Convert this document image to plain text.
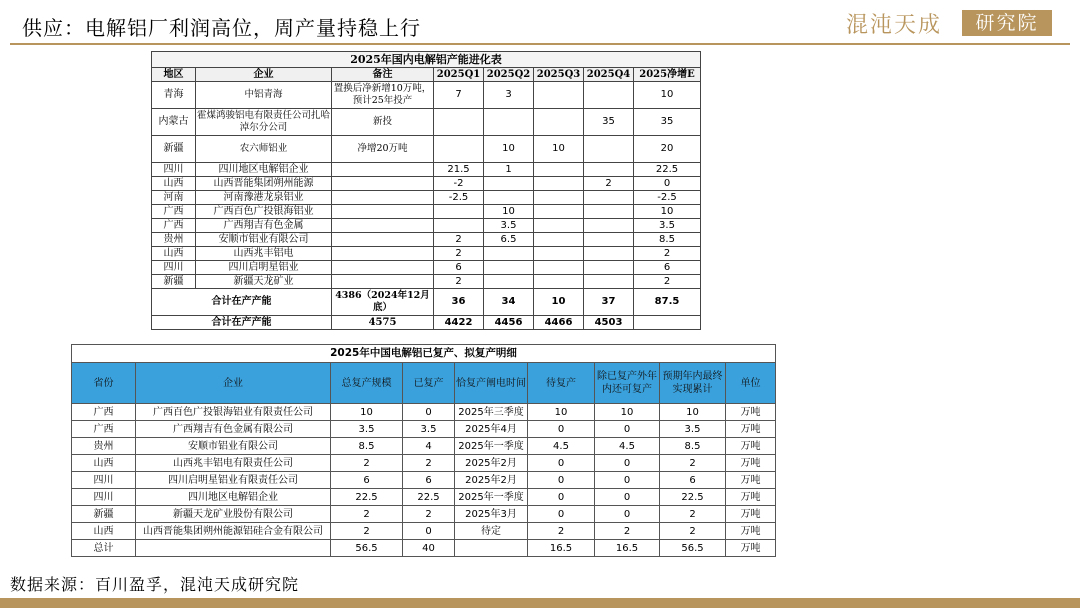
供应：电解铝厂利润高位，周产量持稳上行	混沌天成	研究院
2025年国内电解铝产能进化表							
地区	企业	备注	2025Q1	2025Q2	2025Q3	2025Q4	2025净增E
青海	中铝青海	置换后净新增10万吨，预计25年投产	7	3			10
内蒙古	霍煤鸿骏铝电有限责任公司扎哈淖尔分公司	新投				35	35
新疆	农六师铝业	净增20万吨		10	10		20
四川	四川地区电解铝企业		21.5	1			22.5
山西	山西晋能集团朔州能源		-2			2	0
河南	河南豫港龙泉铝业		-2.5				-2.5
广西	广西百色广投银海铝业			10			10
广西	广西翔吉有色金属			3.5			3.5
贵州	安顺市铝业有限公司		2	6.5			8.5
山西	山西兆丰铝电		2				2
四川	四川启明星铝业		6				6
新疆	新疆天龙矿业		2				2
合计在产产能		4386（2024年12月底）	36	34	10	37	87.5
合计在产产能		4575	4422	4456	4466	4503	
2025年中国电解铝已复产、拟复产明细								
省份	企业	总复产规模	已复产	恰复产阐电时间	待复产	除已复产外年内还可复产	预期年内最终实现累计	单位
广西	广西百色广投银海铝业有限责任公司	10	0	2025年三季度	10	10	10	万吨
广西	广西翔吉有色金属有限公司	3.5	3.5	2025年4月	0	0	3.5	万吨
贵州	安顺市铝业有限公司	8.5	4	2025年一季度	4.5	4.5	8.5	万吨
山西	山西兆丰铝电有限责任公司	2	2	2025年2月	0	0	2	万吨
四川	四川启明星铝业有限责任公司	6	6	2025年2月	0	0	6	万吨
四川	四川地区电解铝企业	22.5	22.5	2025年一季度	0	0	22.5	万吨
新疆	新疆天龙矿业股份有限公司	2	2	2025年3月	0	0	2	万吨
山西	山西晋能集团朔州能源铝硅合金有限公司	2	0	待定	2	2	2	万吨
总计		56.5	40		16.5	16.5	56.5	万吨
数据来源：百川盈孚，混沌天成研究院
